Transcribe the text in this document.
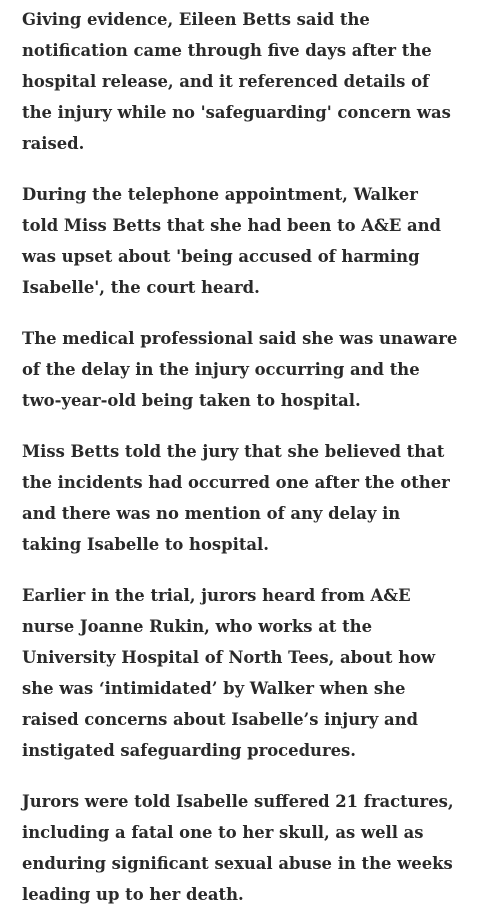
Giving evidence, Eileen Betts said the notification came through five days after the hospital release, and it referenced details of the injury while no 'safeguarding' concern was raised.

During the telephone appointment, Walker told Miss Betts that she had been to A&E and was upset about 'being accused of harming Isabelle', the court heard.

The medical professional said she was unaware of the delay in the injury occurring and the two-year-old being taken to hospital.

Miss Betts told the jury that she believed that the incidents had occurred one after the other and there was no mention of any delay in taking Isabelle to hospital.

Earlier in the trial, jurors heard from A&E nurse Joanne Rukin, who works at the University Hospital of North Tees, about how she was ‘intimidated’ by Walker when she raised concerns about Isabelle’s injury and instigated safeguarding procedures.

Jurors were told Isabelle suffered 21 fractures, including a fatal one to her skull, as well as enduring significant sexual abuse in the weeks leading up to her death.
